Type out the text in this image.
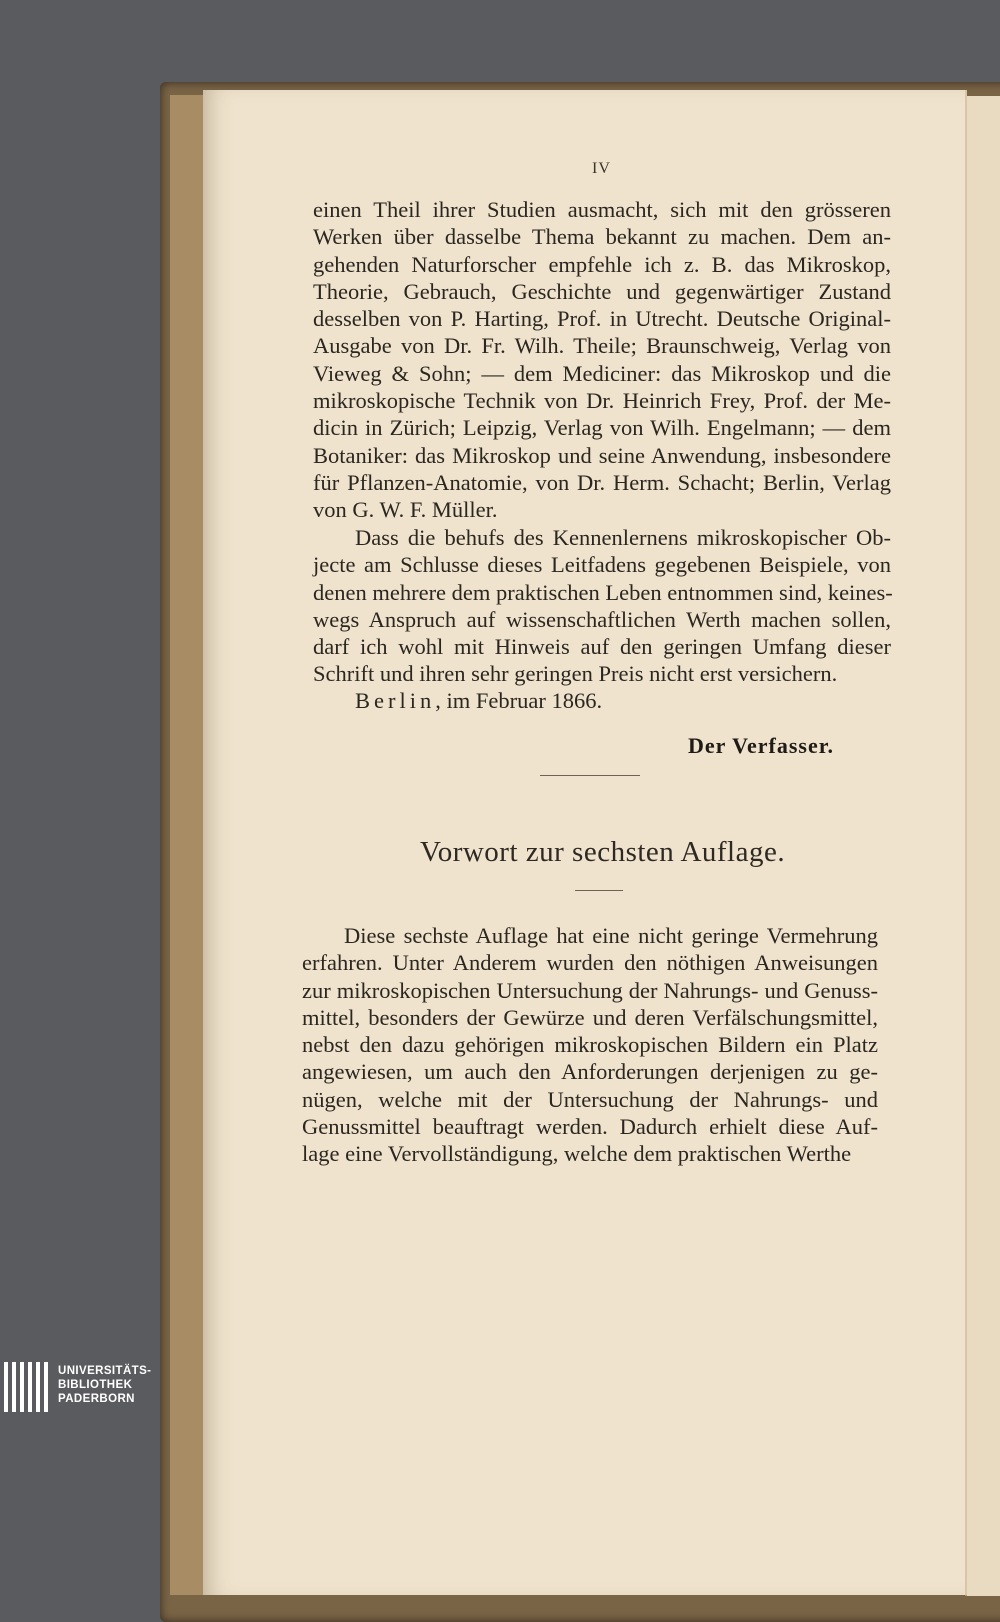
IV
einen Theil ihrer Studien ausmacht, sich mit den grösseren
Werken über dasselbe Thema bekannt zu machen. Dem an-
gehenden Naturforscher empfehle ich z. B. das Mikroskop,
Theorie, Gebrauch, Geschichte und gegenwärtiger Zustand
desselben von P. Harting, Prof. in Utrecht. Deutsche Original-
Ausgabe von Dr. Fr. Wilh. Theile; Braunschweig, Verlag von
Vieweg & Sohn; — dem Mediciner: das Mikroskop und die
mikroskopische Technik von Dr. Heinrich Frey, Prof. der Me-
dicin in Zürich; Leipzig, Verlag von Wilh. Engelmann; — dem
Botaniker: das Mikroskop und seine Anwendung, insbesondere
für Pflanzen-Anatomie, von Dr. Herm. Schacht; Berlin, Verlag
von G. W. F. Müller.
Dass die behufs des Kennenlernens mikroskopischer Ob-
jecte am Schlusse dieses Leitfadens gegebenen Beispiele, von
denen mehrere dem praktischen Leben entnommen sind, keines-
wegs Anspruch auf wissenschaftlichen Werth machen sollen,
darf ich wohl mit Hinweis auf den geringen Umfang dieser
Schrift und ihren sehr geringen Preis nicht erst versichern.
Berlin, im Februar 1866.
Der Verfasser.
Vorwort zur sechsten Auflage.
Diese sechste Auflage hat eine nicht geringe Vermehrung
erfahren. Unter Anderem wurden den nöthigen Anweisungen
zur mikroskopischen Untersuchung der Nahrungs- und Genuss-
mittel, besonders der Gewürze und deren Verfälschungsmittel,
nebst den dazu gehörigen mikroskopischen Bildern ein Platz
angewiesen, um auch den Anforderungen derjenigen zu ge-
nügen, welche mit der Untersuchung der Nahrungs- und
Genussmittel beauftragt werden. Dadurch erhielt diese Auf-
lage eine Vervollständigung, welche dem praktischen Werthe
UNIVERSITÄTS-
BIBLIOTHEK
PADERBORN
